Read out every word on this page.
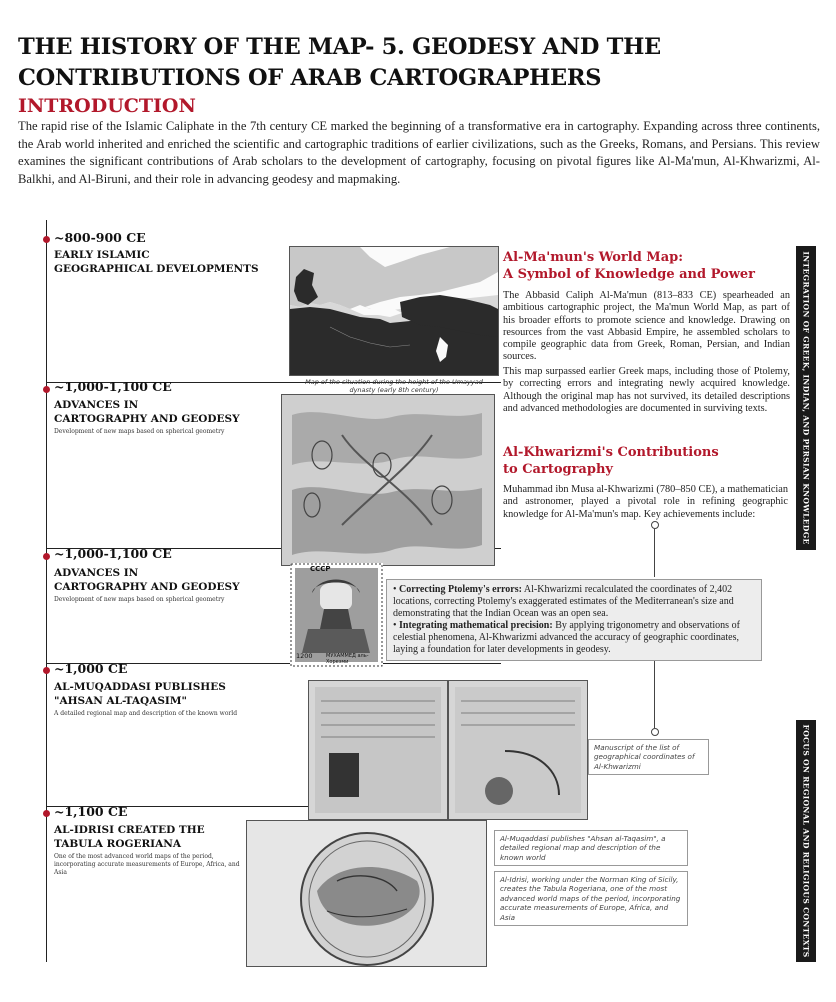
THE HISTORY OF THE MAP- 5. GEODESY AND THE CONTRIBUTIONS OF ARAB CARTOGRAPHERS
INTRODUCTION

The rapid rise of the Islamic Caliphate in the 7th century CE marked the beginning of a transformative era in cartography. Expanding across three continents, the Arab world inherited and enriched the scientific and cartographic traditions of earlier civilizations, such as the Greeks, Romans, and Persians. This review examines the significant contributions of Arab scholars to the development of cartography, focusing on pivotal figures like Al-Ma'mun, Al-Khwarizmi, Al-Balkhi, and Al-Biruni, and their role in advancing geodesy and mapmaking.

~800-900 CE
EARLY ISLAMIC
GEOGRAPHICAL DEVELOPMENTS
~1,000-1,100 CE
ADVANCES IN
CARTOGRAPHY AND GEODESY
Development of new maps based on spherical geometry
~1,000-1,100 CE
ADVANCES IN
CARTOGRAPHY AND GEODESY
Development of new maps based on spherical geometry
~1,000 CE
AL-MUQADDASI PUBLISHES
"AHSAN AL-TAQASIM"
A detailed regional map and description of the known world
~1,100 CE
AL-IDRISI CREATED THE
TABULA ROGERIANA
One of the most advanced world maps of the period, incorporating accurate measurements of Europe, Africa, and Asia
Map of the situation during the height of the Umayyad dynasty (early 8th century)
СССР
1200	МУХАММЕД аль-Хорезми
Al-Ma'mun's World Map:
A Symbol of Knowledge and Power

The Abbasid Caliph Al-Ma'mun (813–833 CE) spearheaded an ambitious cartographic project, the Ma'mun World Map, as part of his broader efforts to promote science and knowledge. Drawing on resources from the vast Abbasid Empire, he assembled scholars to compile geographic data from Greek, Roman, Persian, and Indian sources.

This map surpassed earlier Greek maps, including those of Ptolemy, by correcting errors and integrating newly acquired knowledge. Although the original map has not survived, its detailed descriptions and advanced methodologies are documented in surviving texts.

Al-Khwarizmi's Contributions
to Cartography

Muhammad ibn Musa al-Khwarizmi (780–850 CE), a mathematician and astronomer, played a pivotal role in refining geographic knowledge for Al-Ma'mun's map. Key achievements include:

• Correcting Ptolemy's errors: Al-Khwarizmi recalculated the coordinates of 2,402 locations, correcting Ptolemy's exaggerated estimates of the Mediterranean's size and demonstrating that the Indian Ocean was an open sea.

• Integrating mathematical precision: By applying trigonometry and observations of celestial phenomena, Al-Khwarizmi advanced the accuracy of geographic coordinates, laying a foundation for later developments in geodesy.

Manuscript of the list of geographical coordinates of Al-Khwarizmi
Al-Muqaddasi publishes "Ahsan al-Taqasim", a detailed regional map and description of the known world
Al-Idrisi, working under the Norman King of Sicily, creates the Tabula Rogeriana, one of the most advanced world maps of the period, incorporating accurate measurements of Europe, Africa, and Asia
INTEGRATION OF GREEK, INDIAN, AND PERSIAN KNOWLEDGE
FOCUS ON REGIONAL AND RELIGIOUS CONTEXTS
